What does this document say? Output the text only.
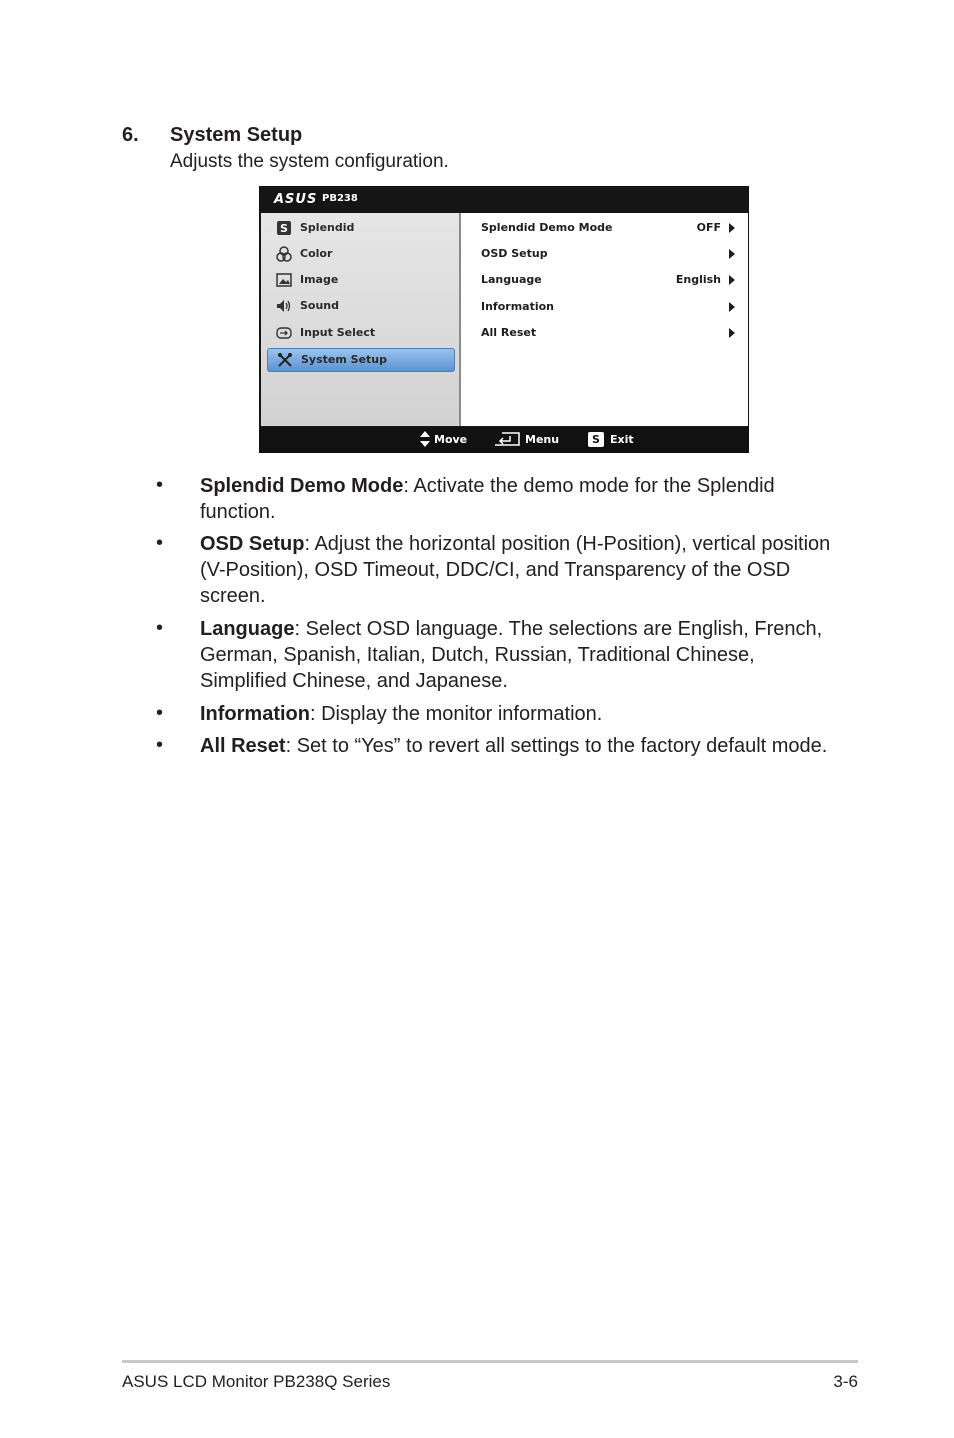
6. System Setup
Adjusts the system configuration.
ASUS PB238
S Splendid
Color
Image
Sound
Input Select
System Setup
Splendid Demo Mode	OFF
OSD Setup
Language	English
Information
All Reset
Move	Menu	S Exit
• Splendid Demo Mode: Activate the demo mode for the Splendid function.
• OSD Setup: Adjust the horizontal position (H-Position), vertical position (V-Position), OSD Timeout, DDC/CI, and Transparency of the OSD screen.
• Language: Select OSD language. The selections are English, French, German, Spanish, Italian, Dutch, Russian, Traditional Chinese, Simplified Chinese, and Japanese.
• Information: Display the monitor information.
• All Reset: Set to “Yes” to revert all settings to the factory default mode.
ASUS LCD Monitor PB238Q Series	3-6
